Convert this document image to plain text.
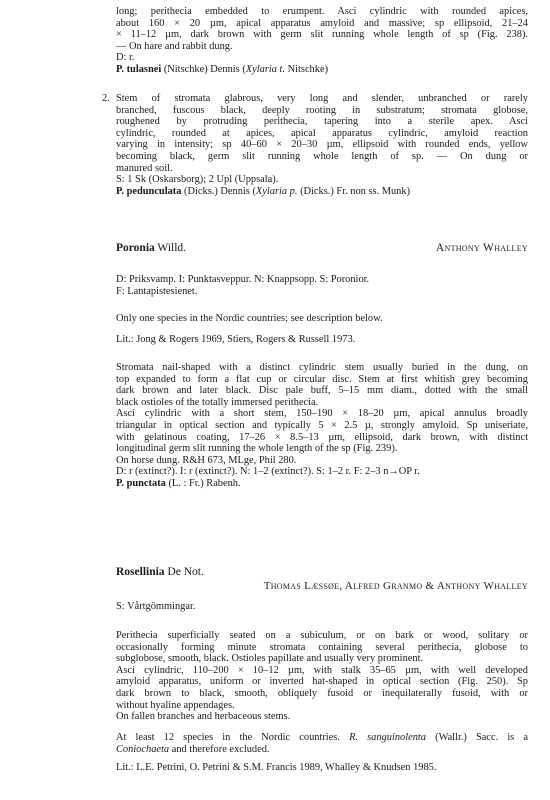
long; perithecia embedded to erumpent. Asci cylindric with rounded apices,
about 160 × 20 µm, apical apparatus amyloid and massive; sp ellipsoid, 21–24
× 11–12 µm, dark brown with germ slit running whole length of sp (Fig. 238).
— On hare and rabbit dung.
D: r.
P. tulasnei (Nitschke) Dennis (Xylaria t. Nitschke)
2. Stem of stromata glabrous, very long and slender, unbranched or rarely
branched, fuscous black, deeply rooting in substratum; stromata globose,
roughened by protruding perithecia, tapering into a sterile apex. Asci
cylindric, rounded at apices, apical apparatus cylindric, amyloid reaction
varying in intensity; sp 40–60 × 20–30 µm, ellipsoid with rounded ends, yellow
becoming black, germ slit running whole length of sp. — On dung or
manured soil.
S: 1 Sk (Oskarsborg); 2 Upl (Uppsala).
P. pedunculata (Dicks.) Dennis (Xylaria p. (Dicks.) Fr. non ss. Munk)
Poronia Willd.	Anthony Whalley
D: Priksvamp. I: Punktasveppur. N: Knappsopp. S: Poronior.
F: Lantapistesienet.
Only one species in the Nordic countries; see description below.
Lit.: Jong & Rogers 1969, Stiers, Rogers & Russell 1973.
Stromata nail-shaped with a distinct cylindric stem usually buried in the dung, on
top expanded to form a flat cup or circular disc. Stem at first whitish grey becoming
dark brown and later black. Disc pale buff, 5–15 mm diam., dotted with the small
black ostioles of the totally immersed perithecia.
Asci cylindric with a short stem, 150–190 × 18–20 µm, apical annulus broadly
triangular in optical section and typically 5 × 2.5 µ, strongly amyloid. Sp uniseriate,
with gelatinous coating, 17–26 × 8.5–13 µm, ellipsoid, dark brown, with distinct
longitudinal germ slit running the whole length of the sp (Fig. 239).
On horse dung. R&H 673, MLge, Phil 280.
D: r (extinct?). I: r (extinct?). N: 1–2 (extinct?). S: 1–2 r. F: 2–3 n→OP r.
P. punctata (L. : Fr.) Rabenh.
Rosellinia De Not.
Thomas Læssøe, Alfred Granmo & Anthony Whalley
S: Vårtgömmingar.
Perithecia superficially seated on a subiculum, or on bark or wood, solitary or
occasionally forming minute stromata containing several perithecia, globose to
subglobose, smooth, black. Ostioles papillate and usually very prominent.
Asci cylindric, 110–200 × 10–12 µm, with stalk 35–65 µm, with well developed
amyloid apparatus, uniform or inverted hat-shaped in optical section (Fig. 250). Sp
dark brown to black, smooth, obliquely fusoid or inequilaterally fusoid, with or
without hyaline appendages.
On fallen branches and herbaceous stems.
At least 12 species in the Nordic countries. R. sanguinolenta (Wallr.) Sacc. is a
Coniochaeta and therefore excluded.
Lit.: L.E. Petrini, O. Petrini & S.M. Francis 1989, Whalley & Knudsen 1985.
